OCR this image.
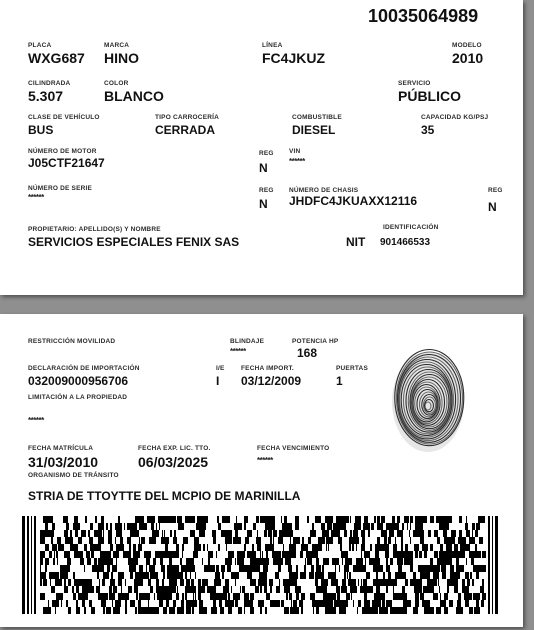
10035064989
PLACA
WXG687
MARCA
HINO
LÍNEA
FC4JKUZ
MODELO
2010
CILINDRADA
5.307
COLOR
BLANCO
SERVICIO
PÚBLICO
CLASE DE VEHÍCULO
BUS
TIPO CARROCERÍA
CERRADA
COMBUSTIBLE
DIESEL
CAPACIDAD KG/PSJ
35
NÚMERO DE MOTOR
J05CTF21647
REG
N
VIN
******
NÚMERO DE SERIE
******
REG
N
NÚMERO DE CHASIS
JHDFC4JKUAXX12116
REG
N
PROPIETARIO: APELLIDO(S) Y NOMBRE
SERVICIOS ESPECIALES FENIX SAS
IDENTIFICACIÓN
NIT 901466533
RESTRICCIÓN MOVILIDAD	BLINDAJE
******
POTENCIA HP
168
DECLARACIÓN DE IMPORTACIÓN
032009000956706
I/E
I
FECHA IMPORT.
03/12/2009
PUERTAS
1
LIMITACIÓN A LA PROPIEDAD
******
FECHA MATRÍCULA
31/03/2010
FECHA EXP. LIC. TTO.
06/03/2025
FECHA VENCIMIENTO
******
ORGANISMO DE TRÁNSITO
STRIA DE TTOYTTE DEL MCPIO DE MARINILLA
